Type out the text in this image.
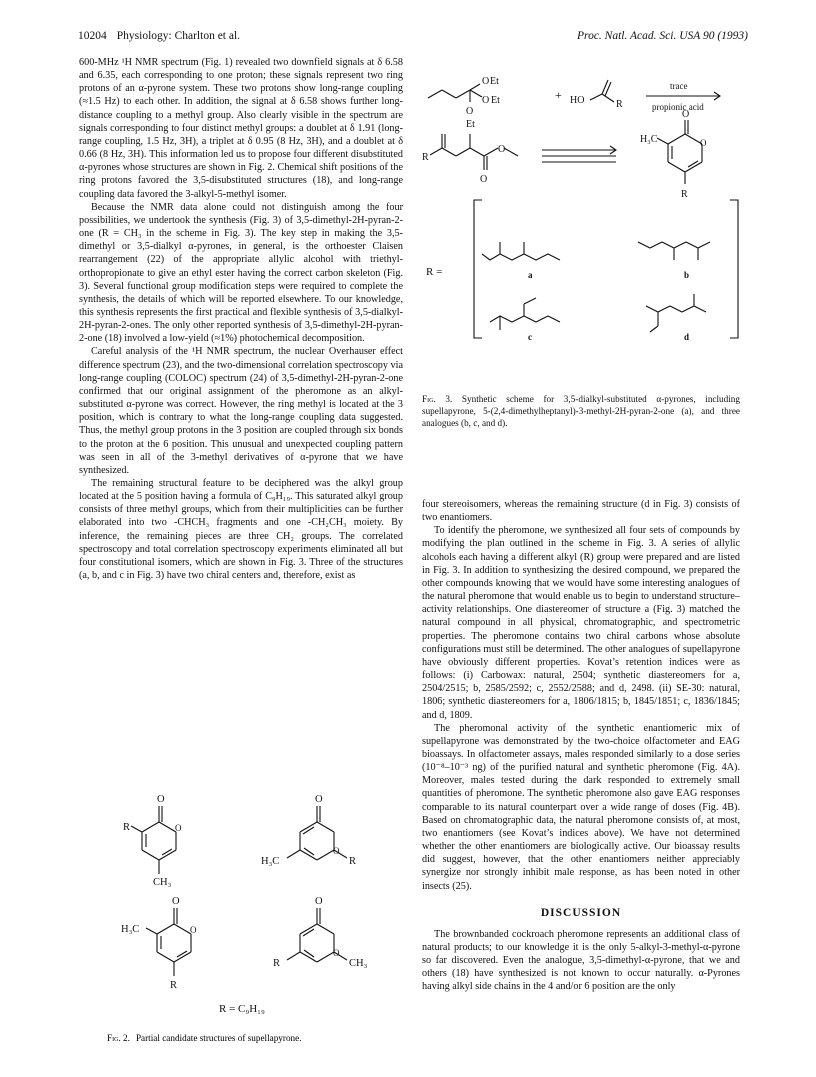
10204 Physiology: Charlton et al.	Proc. Natl. Acad. Sci. USA 90 (1993)

600-MHz ¹H NMR spectrum (Fig. 1) revealed two downfield signals at δ 6.58 and 6.35, each corresponding to one proton; these signals represent two ring protons of an α-pyrone system. These two protons show long-range coupling (≈1.5 Hz) to each other. In addition, the signal at δ 6.58 shows further long-distance coupling to a methyl group. Also clearly visible in the spectrum are signals corresponding to four distinct methyl groups: a doublet at δ 1.91 (long-range coupling, 1.5 Hz, 3H), a triplet at δ 0.95 (8 Hz, 3H), and a doublet at δ 0.66 (8 Hz, 3H). This information led us to propose four different disubstituted α-pyrones whose structures are shown in Fig. 2. Chemical shift positions of the ring protons favored the 3,5-disubstituted structures (18), and long-range coupling data favored the 3-alkyl-5-methyl isomer.

Because the NMR data alone could not distinguish among the four possibilities, we undertook the synthesis (Fig. 3) of 3,5-dimethyl-2H-pyran-2-one (R = CH₃ in the scheme in Fig. 3). The key step in making the 3,5-dimethyl or 3,5-dialkyl α-pyrones, in general, is the orthoester Claisen rearrangement (22) of the appropriate allylic alcohol with triethyl-orthopropionate to give an ethyl ester having the correct carbon skeleton (Fig. 3). Several functional group modification steps were required to complete the synthesis, the details of which will be reported elsewhere. To our knowledge, this synthesis represents the first practical and flexible synthesis of 3,5-dialkyl-2H-pyran-2-ones. The only other reported synthesis of 3,5-dimethyl-2H-pyran-2-one (18) involved a low-yield (≈1%) photochemical decomposition.

Careful analysis of the ¹H NMR spectrum, the nuclear Overhauser effect difference spectrum (23), and the two-dimensional correlation spectroscopy via long-range coupling (COLOC) spectrum (24) of 3,5-dimethyl-2H-pyran-2-one confirmed that our original assignment of the pheromone as an alkyl-substituted α-pyrone was correct. However, the ring methyl is located at the 3 position, which is contrary to what the long-range coupling data suggested. Thus, the methyl group protons in the 3 position are coupled through six bonds to the proton at the 6 position. This unusual and unexpected coupling pattern was seen in all of the 3-methyl derivatives of α-pyrone that we have synthesized.

The remaining structural feature to be deciphered was the alkyl group located at the 5 position having a formula of C₉H₁₉. This saturated alkyl group consists of three methyl groups, which from their multiplicities can be further elaborated into two -CHCH₃ fragments and one -CH₂CH₃ moiety. By inference, the remaining pieces are three CH₂ groups. The correlated spectroscopy and total correlation spectroscopy experiments eliminated all but four constitutional isomers, which are shown in Fig. 3. Three of the structures (a, b, and c in Fig. 3) have two chiral centers and, therefore, exist as

O
O
R
CH₃
O
O
H₃C	R
O
O
H₃C
R
O
O
R	CH₃
R = C₉H₁₉
Fig. 2. Partial candidate structures of supellapyrone.
O Et
O Et
O
Et
+ HO	R
trace
propionic acid
R
O
O
O
O
H₃C
R
R =	a	b
c	d
Fig. 3. Synthetic scheme for 3,5-dialkyl-substituted α-pyrones, including supellapyrone, 5-(2,4-dimethylheptanyl)-3-methyl-2H-pyran-2-one (a), and three analogues (b, c, and d).

four stereoisomers, whereas the remaining structure (d in Fig. 3) consists of two enantiomers.

To identify the pheromone, we synthesized all four sets of compounds by modifying the plan outlined in the scheme in Fig. 3. A series of allylic alcohols each having a different alkyl (R) group were prepared and are listed in Fig. 3. In addition to synthesizing the desired compound, we prepared the other compounds knowing that we would have some interesting analogues of the natural pheromone that would enable us to begin to understand structure–activity relationships. One diastereomer of structure a (Fig. 3) matched the natural compound in all physical, chromatographic, and spectrometric properties. The pheromone contains two chiral carbons whose absolute configurations must still be determined. The other analogues of supellapyrone have obviously different properties. Kovat’s retention indices were as follows: (i) Carbowax: natural, 2504; synthetic diastereomers for a, 2504/2515; b, 2585/2592; c, 2552/2588; and d, 2498. (ii) SE-30: natural, 1806; synthetic diastereomers for a, 1806/1815; b, 1845/1851; c, 1836/1845; and d, 1809.

The pheromonal activity of the synthetic enantiomeric mix of supellapyrone was demonstrated by the two-choice olfactometer and EAG bioassays. In olfactometer assays, males responded similarly to a dose series (10⁻⁸–10⁻³ ng) of the purified natural and synthetic pheromone (Fig. 4A). Moreover, males tested during the dark responded to extremely small quantities of pheromone. The synthetic pheromone also gave EAG responses comparable to its natural counterpart over a wide range of doses (Fig. 4B). Based on chromatographic data, the natural pheromone consists of, at most, two enantiomers (see Kovat’s indices above). We have not determined whether the other enantiomers are biologically active. Our bioassay results did suggest, however, that the other enantiomers neither appreciably synergize nor strongly inhibit male response, as has been noted in other insects (25).

DISCUSSION

The brownbanded cockroach pheromone represents an additional class of natural products; to our knowledge it is the only 5-alkyl-3-methyl-α-pyrone so far discovered. Even the analogue, 3,5-dimethyl-α-pyrone, that we and others (18) have synthesized is not known to occur naturally. α-Pyrones having alkyl side chains in the 4 and/or 6 position are the only
